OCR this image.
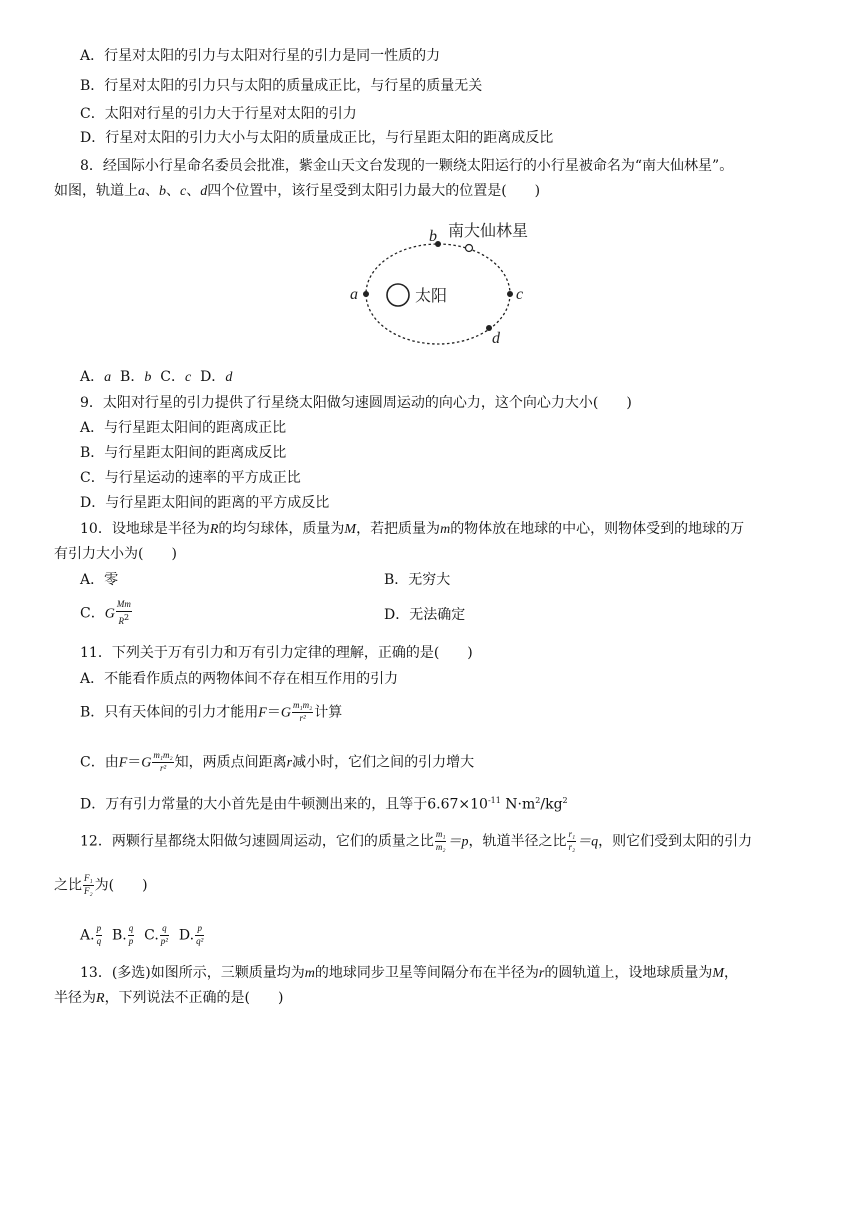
A．行星对太阳的引力与太阳对行星的引力是同一性质的力
B．行星对太阳的引力只与太阳的质量成正比，与行星的质量无关
C．太阳对行星的引力大于行星对太阳的引力
D．行星对太阳的引力大小与太阳的质量成正比，与行星距太阳的距离成反比
8．经国际小行星命名委员会批准，紫金山天文台发现的一颗绕太阳运行的小行星被命名为“南大仙林星”。
如图，轨道上a、b、c、d四个位置中，该行星受到太阳引力最大的位置是(　　)
太阳
a
b 南大仙林星
c
d
A．a B．b C．c D．d
9．太阳对行星的引力提供了行星绕太阳做匀速圆周运动的向心力，这个向心力大小(　　)
A．与行星距太阳间的距离成正比
B．与行星距太阳间的距离成反比
C．与行星运动的速率的平方成正比
D．与行星距太阳间的距离的平方成反比
10．设地球是半径为R的均匀球体，质量为M，若把质量为m的物体放在地球的中心，则物体受到的地球的万
有引力大小为(　　)
A．零	B．无穷大
C．G $\frac{Mm}{R^2}$	D．无法确定
11．下列关于万有引力和万有引力定律的理解，正确的是(　　)
A．不能看作质点的两物体间不存在相互作用的引力
B．只有天体间的引力才能用$F=G \frac{\text{m₁m₂}}{\text{r²}}$ 计算
C．由$F=G \frac{\text{m₁m₂}}{\text{r²}}$ 知，两质点间距离r减小时，它们之间的引力增大
D．万有引力常量的大小首先是由牛顿测出来的，且等于$6.67\times 10^{-11}$ $N\cdot m^2/kg^2$
12．两颗行星都绕太阳做匀速圆周运动，它们的质量之比 $\frac{\text{m₁}}{\text{m₂}} =p$，轨道半径之比 $\frac{\text{r₁}}{\text{r₂}} =q$，则它们受到太阳的引力
之比 $\frac{\text{F₁}}{\text{F₂}}$ 为(　　)
A. $\frac{p}{q} B$. $\frac{q}{p} C$. $\frac{q}{\text{p²}} D$. $\frac{p}{\text{q²}}$
13．(多选)如图所示，三颗质量均为m的地球同步卫星等间隔分布在半径为r的圆轨道上，设地球质量为M，
半径为R，下列说法不正确的是(　　)
